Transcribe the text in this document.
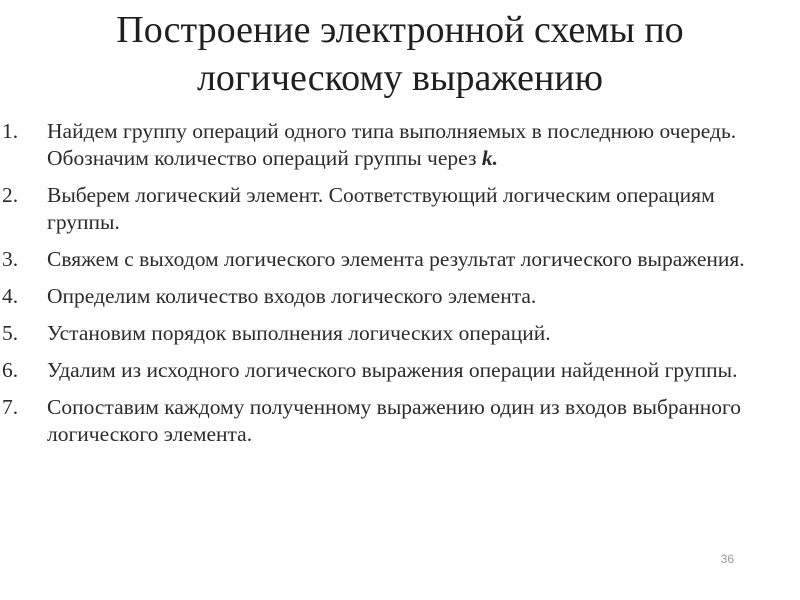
Построение электронной схемы по логическому выражению
1. Найдем группу операций одного типа выполняемых в последнюю очередь. Обозначим количество операций группы через k.
2. Выберем логический элемент. Соответствующий логическим операциям группы.
3. Свяжем с выходом логического элемента результат логического выражения.
4. Определим количество входов логического элемента.
5. Установим порядок выполнения логических операций.
6. Удалим из исходного логического выражения операции найденной группы.
7. Сопоставим каждому полученному выражению один из входов выбранного логического элемента.
36
